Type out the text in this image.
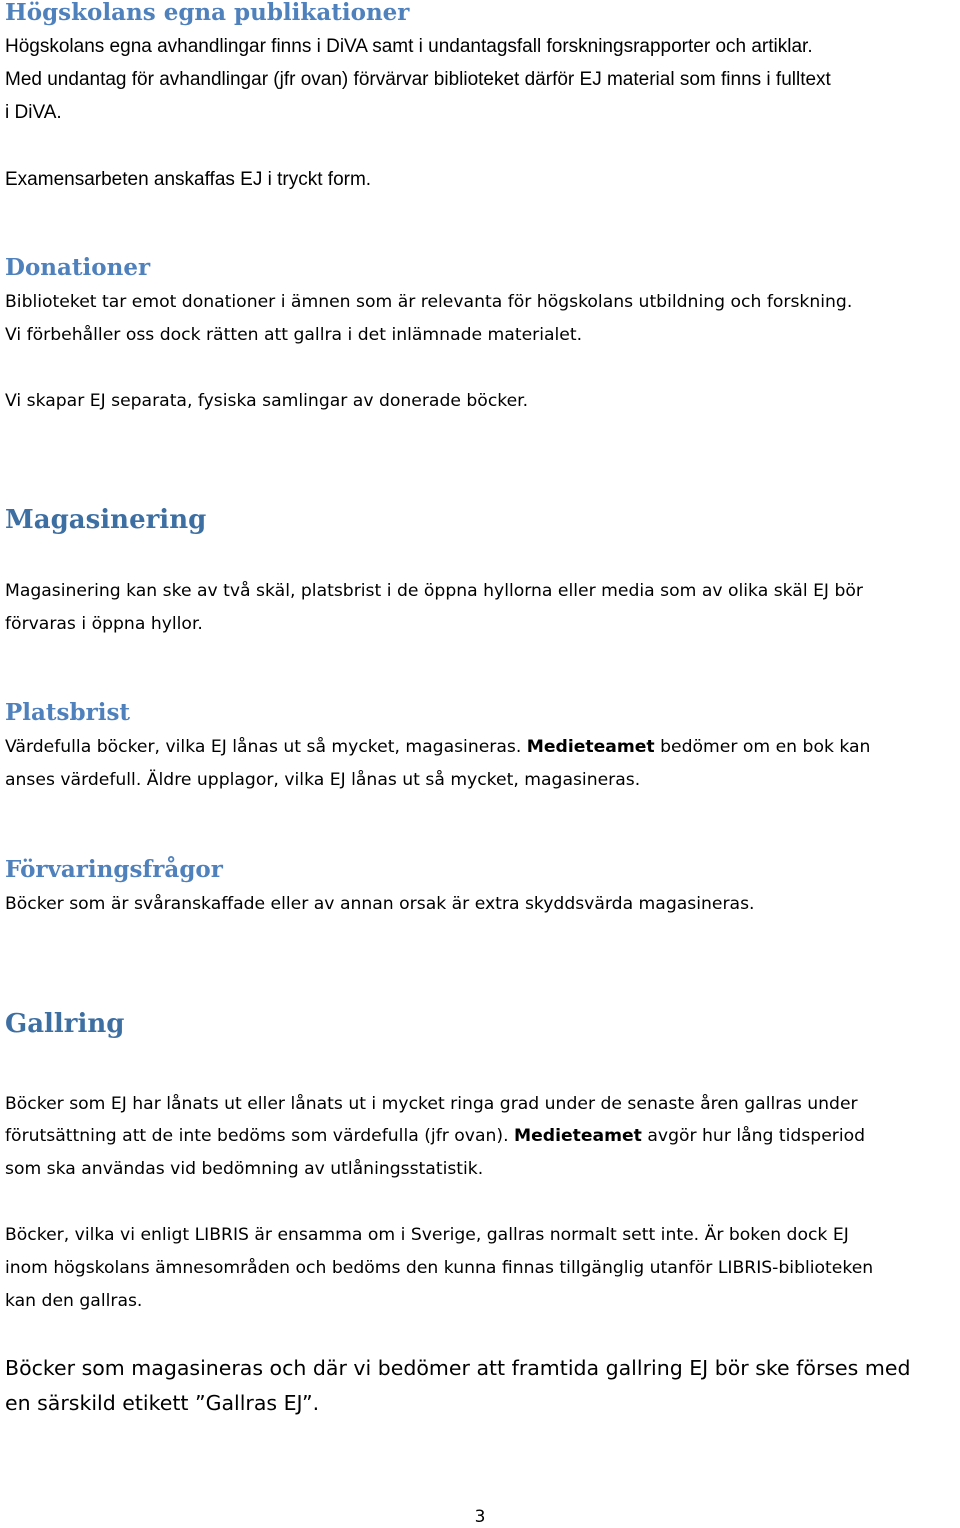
Högskolans egna publikationer
Högskolans egna avhandlingar finns i DiVA samt i undantagsfall forskningsrapporter och artiklar.
Med undantag för avhandlingar (jfr ovan) förvärvar biblioteket därför EJ material som finns i fulltext
i DiVA.
Examensarbeten anskaffas EJ i tryckt form.
Donationer
Biblioteket tar emot donationer i ämnen som är relevanta för högskolans utbildning och forskning.
Vi förbehåller oss dock rätten att gallra i det inlämnade materialet.
Vi skapar EJ separata, fysiska samlingar av donerade böcker.
Magasinering
Magasinering kan ske av två skäl, platsbrist i de öppna hyllorna eller media som av olika skäl EJ bör
förvaras i öppna hyllor.
Platsbrist
Värdefulla böcker, vilka EJ lånas ut så mycket, magasineras. Medieteamet bedömer om en bok kan
anses värdefull. Äldre upplagor, vilka EJ lånas ut så mycket, magasineras.
Förvaringsfrågor
Böcker som är svåranskaffade eller av annan orsak är extra skyddsvärda magasineras.
Gallring
Böcker som EJ har lånats ut eller lånats ut i mycket ringa grad under de senaste åren gallras under
förutsättning att de inte bedöms som värdefulla (jfr ovan). Medieteamet avgör hur lång tidsperiod
som ska användas vid bedömning av utlåningsstatistik.
Böcker, vilka vi enligt LIBRIS är ensamma om i Sverige, gallras normalt sett inte. Är boken dock EJ
inom högskolans ämnesområden och bedöms den kunna finnas tillgänglig utanför LIBRIS-biblioteken
kan den gallras.
Böcker som magasineras och där vi bedömer att framtida gallring EJ bör ske förses med
en särskild etikett ”Gallras EJ”.
3
